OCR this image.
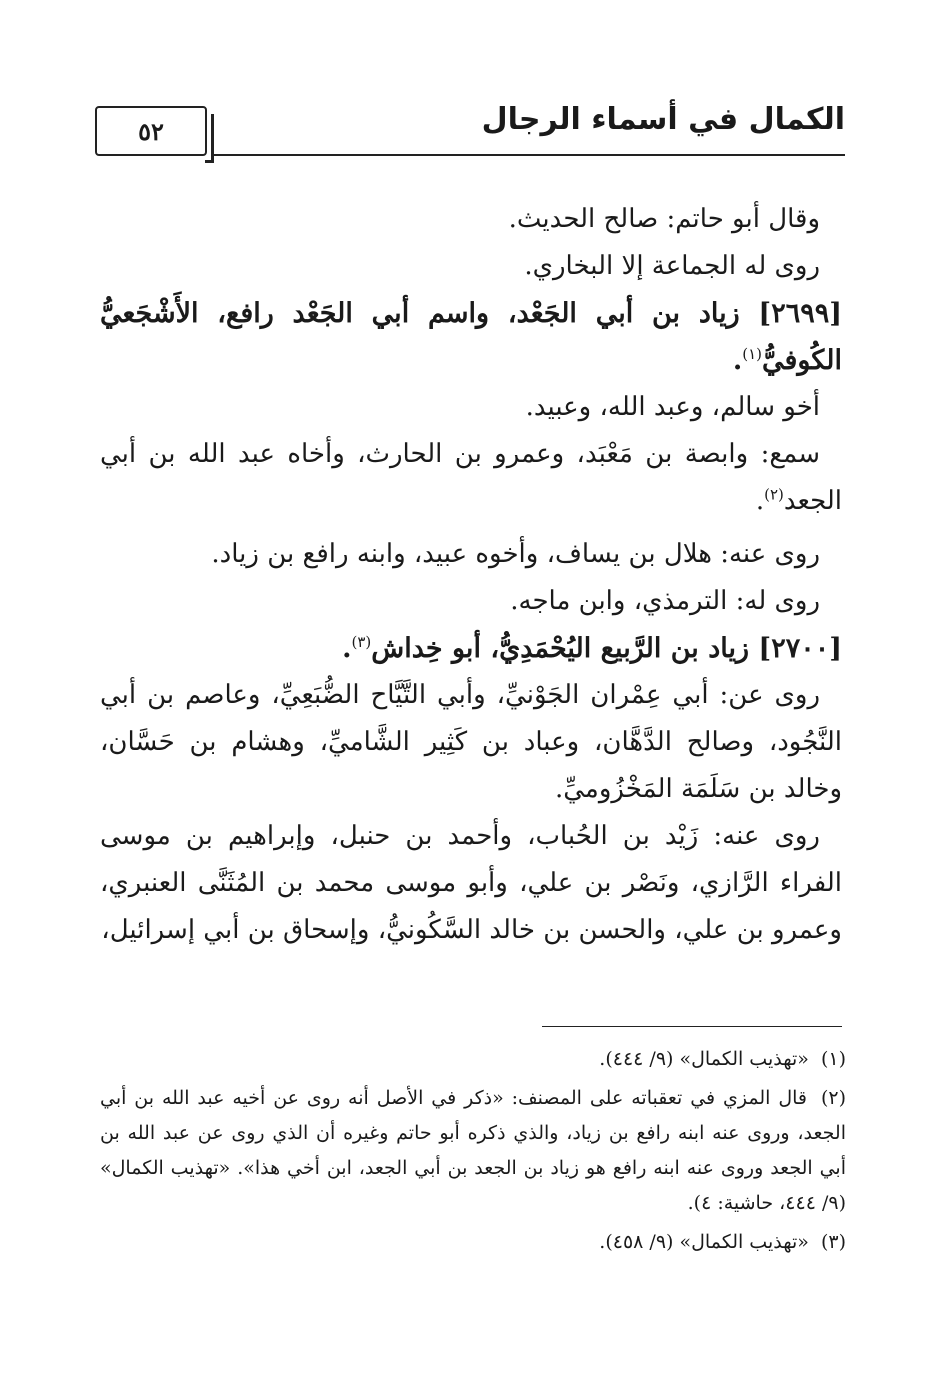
٥٢	الكمال في أسماء الرجال

وقال أبو حاتم: صالح الحديث.

روى له الجماعة إلا البخاري.

[٢٦٩٩] زياد بن أبي الجَعْد، واسم أبي الجَعْد رافع، الأَشْجَعيُّ الكُوفيُّ$^{(١)}$.

أخو سالم، وعبد الله، وعبيد.

سمع: وابصة بن مَعْبَد، وعمرو بن الحارث، وأخاه عبد الله بن أبي الجعد$^{(٢)}$.

روى عنه: هلال بن يساف، وأخوه عبيد، وابنه رافع بن زياد.

روى له: الترمذي، وابن ماجه.

[٢٧٠٠] زياد بن الرَّبيع اليُحْمَدِيُّ، أبو خِداش$^{(٣)}$.

روى عن: أبي عِمْران الجَوْنيِّ، وأبي التَّيَّاح الضُّبَعِيِّ، وعاصم بن أبي النَّجُود، وصالح الدَّهَّان، وعباد بن كَثِير الشَّاميِّ، وهشام بن حَسَّان، وخالد بن سَلَمَة المَخْزُوميِّ.

روى عنه: زَيْد بن الحُباب، وأحمد بن حنبل، وإبراهيم بن موسى الفراء الرَّازي، ونَصْر بن علي، وأبو موسى محمد بن المُثَنَّى العنبري، وعمرو بن علي، والحسن بن خالد السَّكُونيُّ، وإسحاق بن أبي إسرائيل،

(١) «تهذيب الكمال» (٩/ ٤٤٤).

(٢) قال المزي في تعقباته على المصنف: «ذكر في الأصل أنه روى عن أخيه عبد الله بن أبي الجعد، وروى عنه ابنه رافع بن زياد، والذي ذكره أبو حاتم وغيره أن الذي روى عن عبد الله بن أبي الجعد وروى عنه ابنه رافع هو زياد بن الجعد بن أبي الجعد، ابن أخي هذا». «تهذيب الكمال» (٩/ ٤٤٤، حاشية: ٤).

(٣) «تهذيب الكمال» (٩/ ٤٥٨).
